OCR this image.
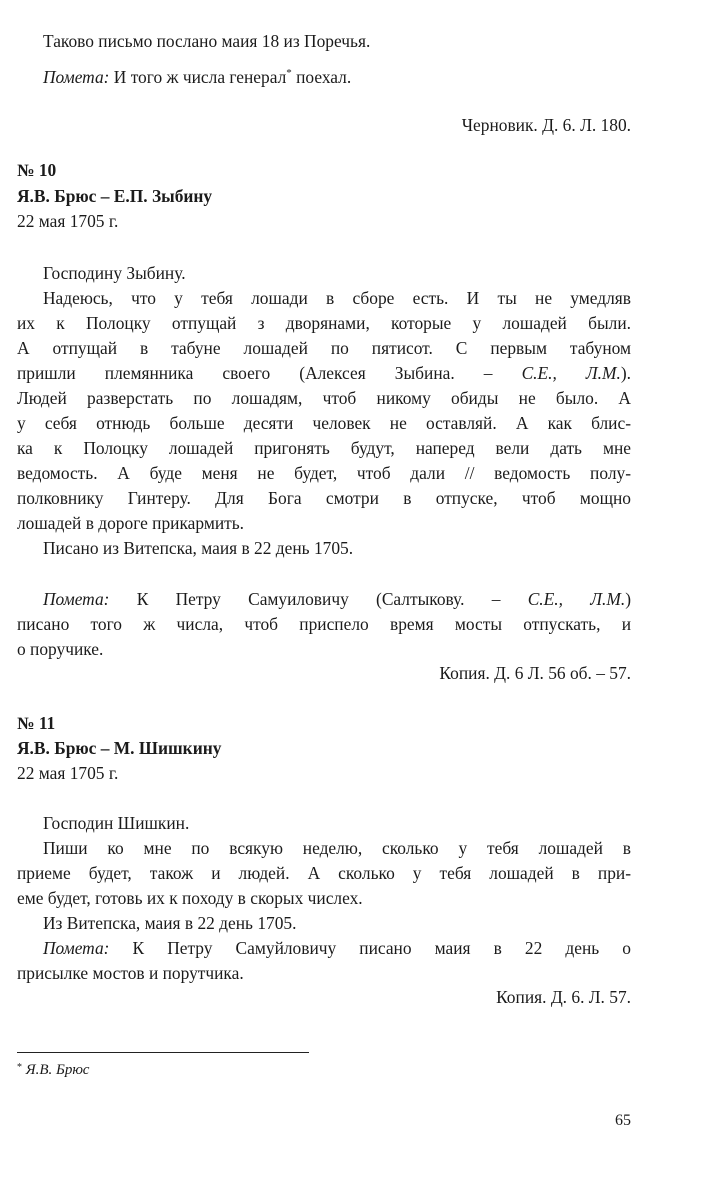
Таково письмо послано маия 18 из Поречья.
Помета: И того ж числа генерал* поехал.
Черновик. Д. 6. Л. 180.
№ 10
Я.В. Брюс – Е.П. Зыбину
22 мая 1705 г.
Господину Зыбину.
Надеюсь, что у тебя лошади в сборе есть. И ты не умедляв
их к Полоцку отпущай з дворянами, которые у лошадей были.
А отпущай в табуне лошадей по пятисот. С первым табуном
пришли племянника своего (Алексея Зыбина. – С.Е., Л.М.).
Людей разверстать по лошадям, чтоб никому обиды не было. А
у себя отнюдь больше десяти человек не оставляй. А как блис-
ка к Полоцку лошадей пригонять будут, наперед вели дать мне
ведомость. А буде меня не будет, чтоб дали // ведомость полу-
полковнику Гинтеру. Для Бога смотри в отпуске, чтоб мощно
лошадей в дороге прикармить.
Писано из Витепска, маия в 22 день 1705.
Помета: К Петру Самуиловичу (Салтыкову. – С.Е., Л.М.)
писано того ж числа, чтоб приспело время мосты отпускать, и
о поручике.
Копия. Д. 6 Л. 56 об. – 57.
№ 11
Я.В. Брюс – М. Шишкину
22 мая 1705 г.
Господин Шишкин.
Пиши ко мне по всякую неделю, сколько у тебя лошадей в
приеме будет, також и людей. А сколько у тебя лошадей в при-
еме будет, готовь их к походу в скорых числех.
Из Витепска, маия в 22 день 1705.
Помета: К Петру Самуйловичу писано маия в 22 день о
присылке мостов и порутчика.
Копия. Д. 6. Л. 57.
* Я.В. Брюс
65
